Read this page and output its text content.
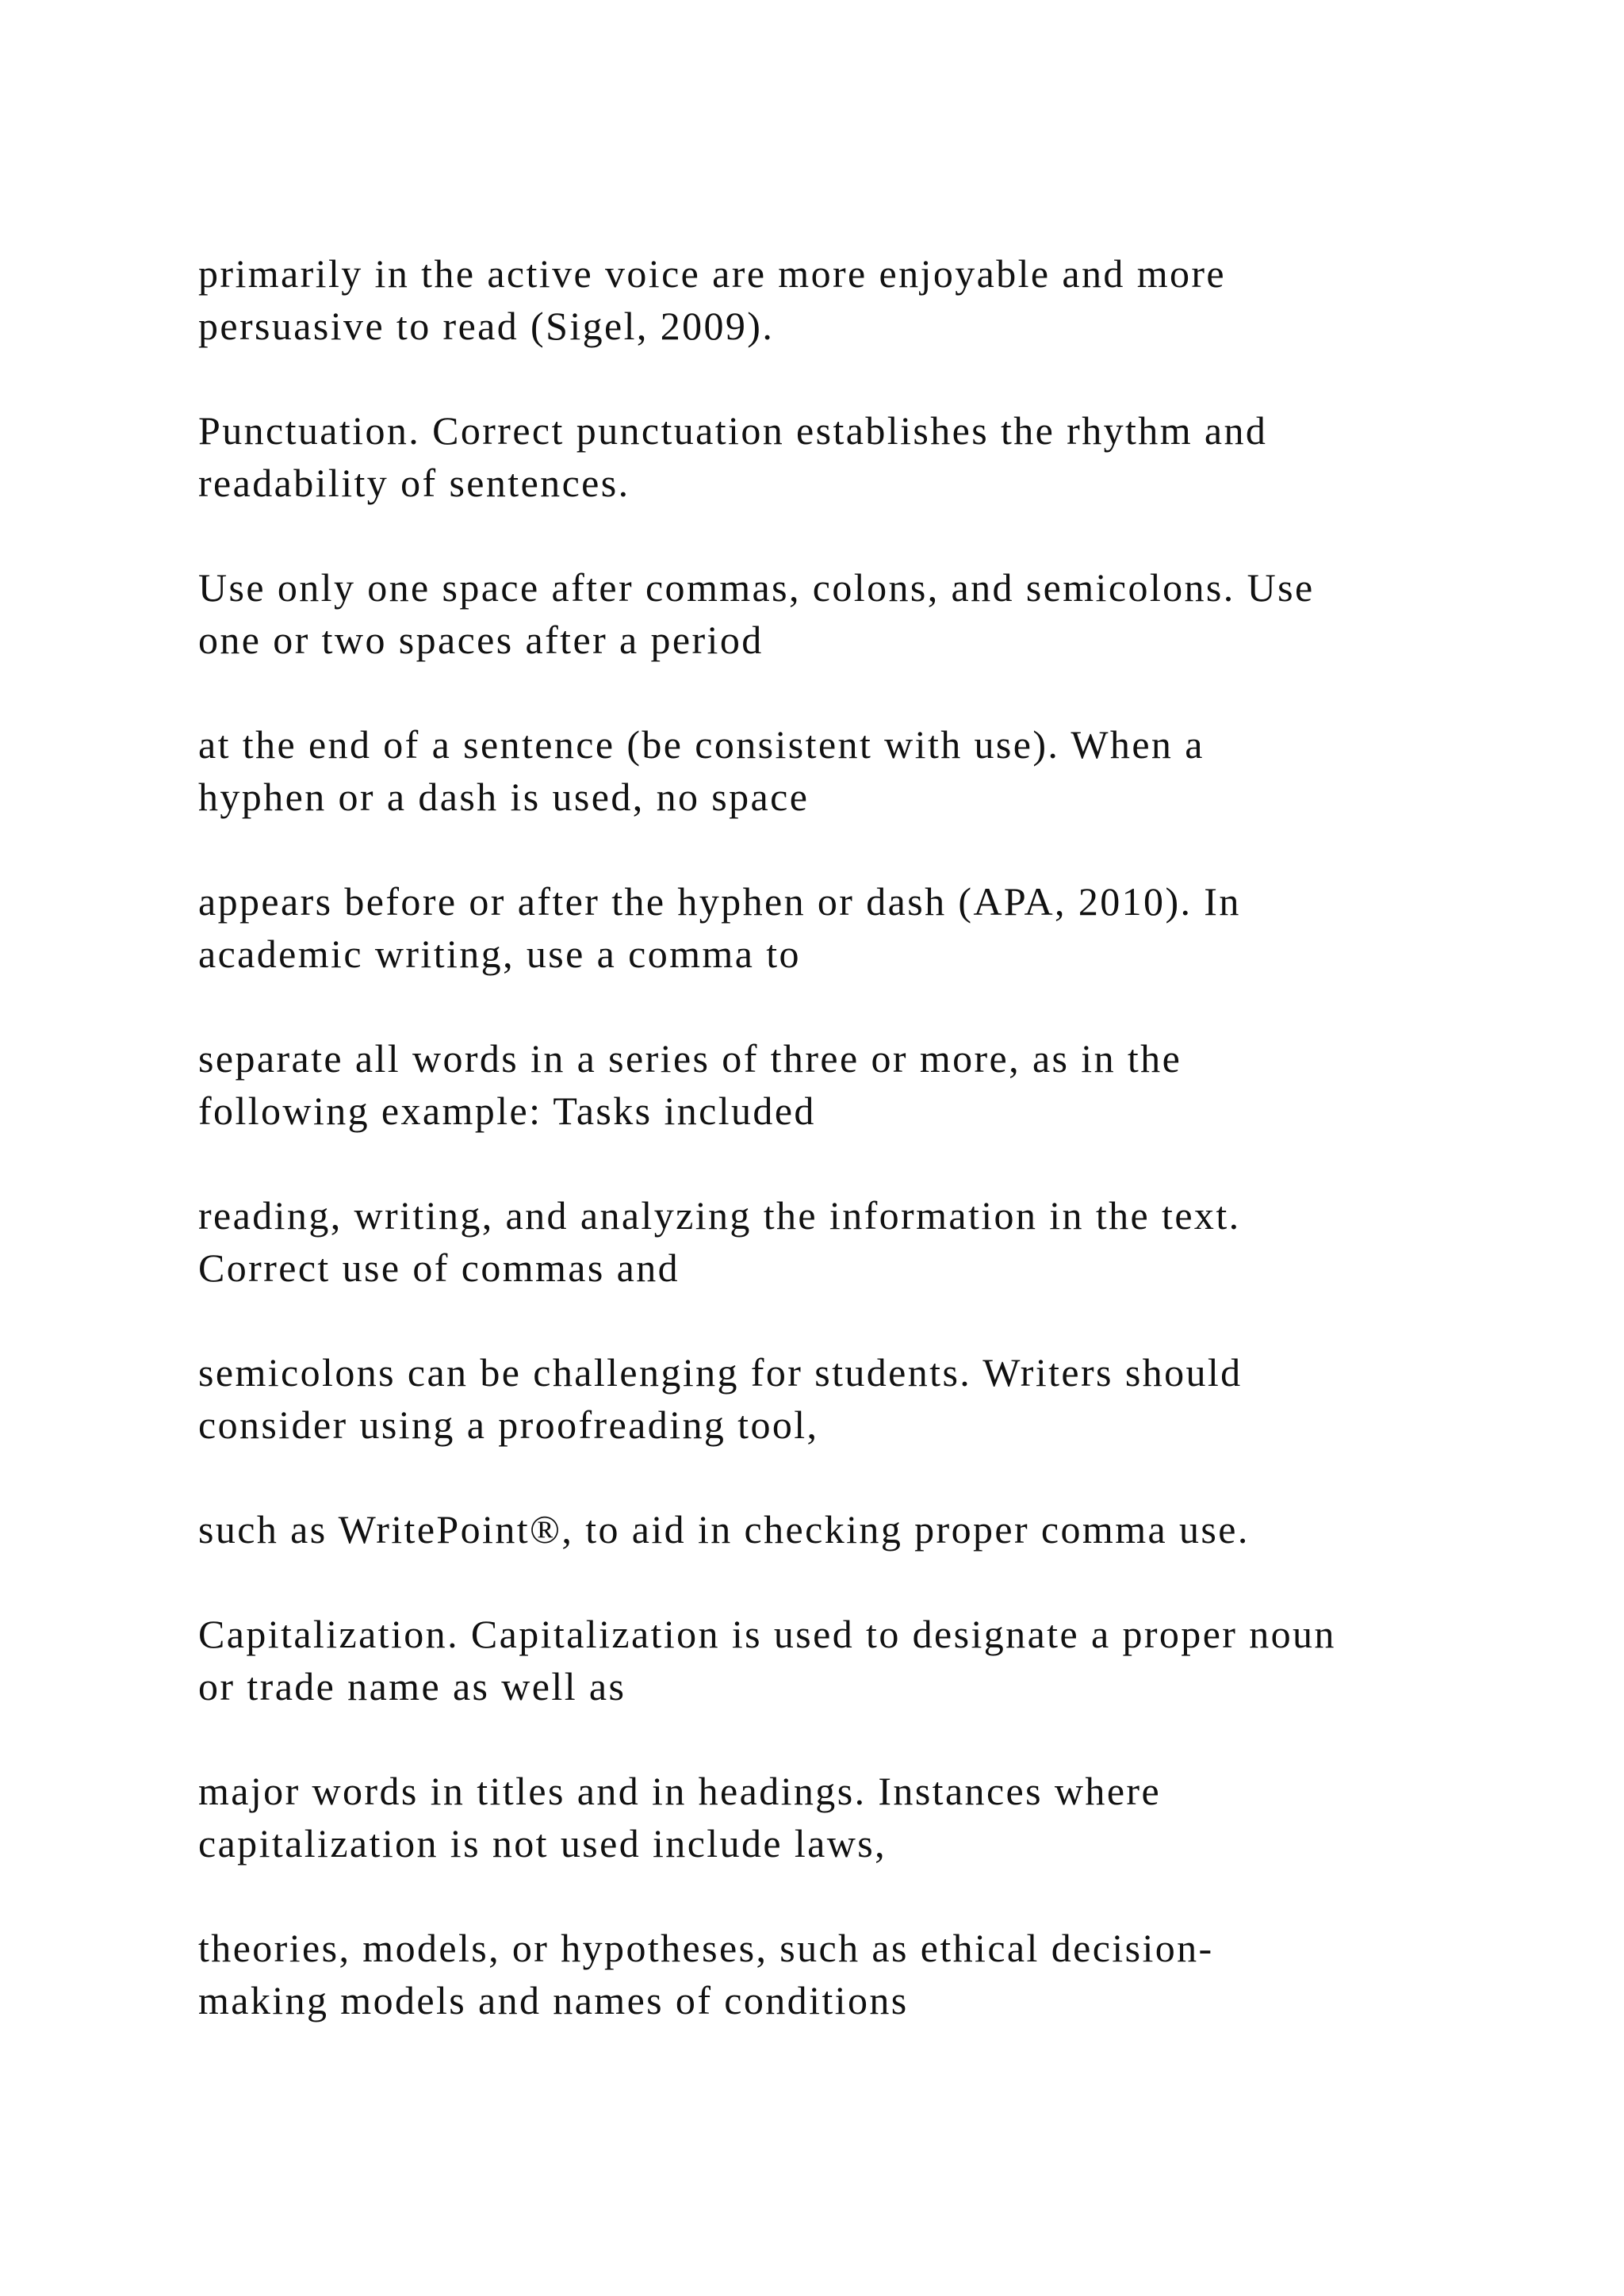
primarily in the active voice are more enjoyable and more
persuasive to read (Sigel, 2009).

Punctuation. Correct punctuation establishes the rhythm and
readability of sentences.

Use only one space after commas, colons, and semicolons. Use
one or two spaces after a period

at the end of a sentence (be consistent with use). When a
hyphen or a dash is used, no space

appears before or after the hyphen or dash (APA, 2010). In
academic writing, use a comma to

separate all words in a series of three or more, as in the
following example: Tasks included

reading, writing, and analyzing the information in the text.
Correct use of commas and

semicolons can be challenging for students. Writers should
consider using a proofreading tool,

such as WritePoint®, to aid in checking proper comma use.

Capitalization. Capitalization is used to designate a proper noun
or trade name as well as

major words in titles and in headings. Instances where
capitalization is not used include laws,

theories, models, or hypotheses, such as ethical decision-
making models and names of conditions
